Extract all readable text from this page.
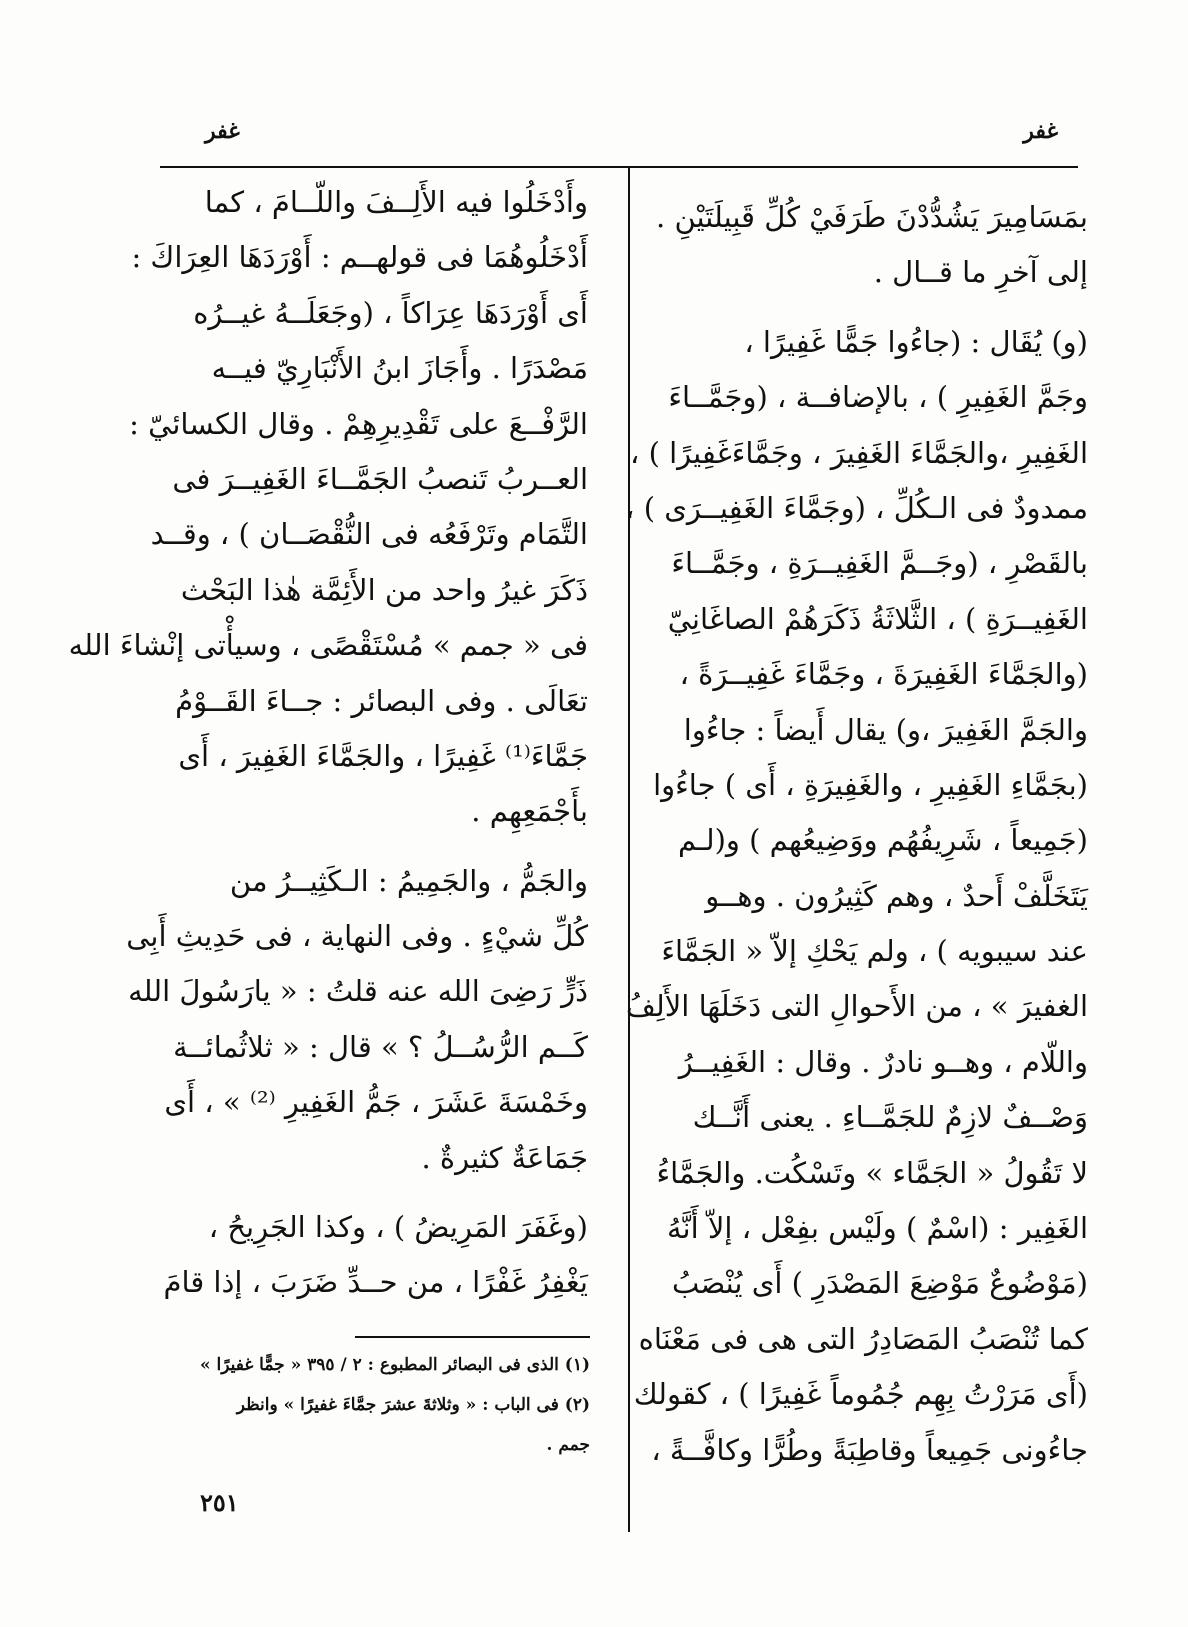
غفر	غفر
بمَسَامِيرَ يَشُدُّدْنَ طَرَفَيْ كُلِّ قَبِيلَتَيْنِ .
إلى آخرِ ما قــال .
(و) يُقَال : (جاءُوا جَمًّا غَفِيرًا ،
وجَمَّ الغَفِيرِ ) ، بالإضافــة ، (وجَمَّــاءَ
الغَفِيرِ ،والجَمَّاءَ الغَفِيرَ ، وجَمَّاءَغَفِيرًا ) ،
ممدودٌ فى الـكُلِّ ، (وجَمَّاءَ الغَفِيــرَى ) ،
بالقَصْرِ ، (وجَــمَّ الغَفِيــرَةِ ، وجَمَّــاءَ
الغَفِيــرَةِ ) ، الثَّلاثَةُ ذَكَرَهُمْ الصاغَانِيّ
(والجَمَّاءَ الغَفِيرَةَ ، وجَمَّاءَ غَفِيــرَةً ،
والجَمَّ الغَفِيرَ ،و) يقال أَيضاً : جاءُوا
(بجَمَّاءِ الغَفِيرِ ، والغَفِيرَةِ ، أَى ) جاءُوا
(جَمِيعاً ، شَرِيفُهُم ووَضِيعُهم ) و(لـم
يَتَخَلَّفْ أَحدٌ ، وهم كَثِيرُون . وهــو
عند سيبويه ) ، ولم يَحْكِ إلاّ « الجَمَّاءَ
الغفيرَ » ، من الأَحوالِ التى دَخَلَهَا الأَلِفُ
واللّام ، وهــو نادرٌ . وقال : الغَفِيــرُ
وَصْــفٌ لازِمٌ للجَمَّــاءِ . يعنى أَنَّــك
لا تَقُولُ « الجَمَّاء » وتَسْكُت. والجَمَّاءُ
الغَفِير : (اسْمٌ ) ولَيْس بفِعْل ، إلاّ أَنَّهُ
(مَوْضُوعٌ مَوْضِعَ المَصْدَرِ ) أَى يُنْصَبُ
كما تُنْصَبُ المَصَادِرُ التى هى فى مَعْنَاه
(أَى مَرَرْتُ بِهِم جُمُوماً غَفِيرًا ) ، كقولك
جاءُونى جَمِيعاً وقاطِبَةً وطُرًّا وكافَّــةً ،
وأَدْخَلُوا فيه الأَلِــفَ واللّــامَ ، كما
أَدْخَلُوهُمَا فى قولهــم : أَوْرَدَهَا العِرَاكَ :
أَى أَوْرَدَهَا عِرَاكاً ، (وجَعَلَــهُ غيــرُه
مَصْدَرًا . وأَجَازَ ابنُ الأَنْبَارِيّ فيــه
الرَّفْــعَ على تَقْدِيرِهِمْ . وقال الكسائيّ :
العــربُ تَنصبُ الجَمَّــاءَ الغَفِيــرَ فى
التَّمَام وتَرْفَعُه فى النُّقْصَــان ) ، وقــد
ذَكَرَ غيرُ واحد من الأَئِمَّة هٰذا البَحْث
فى « جمم » مُسْتَقْصًى ، وسيأْتى إنْشاءَ الله
تعَالَى . وفى البصائر : جــاءَ القَــوْمُ
جَمَّاءَ⁽¹⁾ غَفِيرًا ، والجَمَّاءَ الغَفِيرَ ، أَى
بأَجْمَعِهِم .
والجَمُّ ، والجَمِيمُ : الـكَثِيــرُ من
كُلِّ شيْءٍ . وفى النهاية ، فى حَدِيثِ أَبِى
ذَرٍّ رَضِىَ الله عنه قلتُ : « يارَسُولَ الله
كَــم الرُّسُــلُ ؟ » قال : « ثلاثُمائــة
وخَمْسَةَ عَشَرَ ، جَمُّ الغَفِيرِ ⁽²⁾ » ، أَى
جَمَاعَةٌ كثيرةٌ .
(وغَفَرَ المَرِيضُ ) ، وكذا الجَرِيحُ ،
يَغْفِرُ غَفْرًا ، من حــدِّ ضَرَبَ ، إذا قامَ
(١) الذى فى البصائر المطبوع : ٢ / ٣٩٥ « جمًّا غفيرًا »
(٢) فى الباب : « وثلاثةَ عشرَ جمَّاءَ غفيرًا » وانظر
جمم .
٢٥١
